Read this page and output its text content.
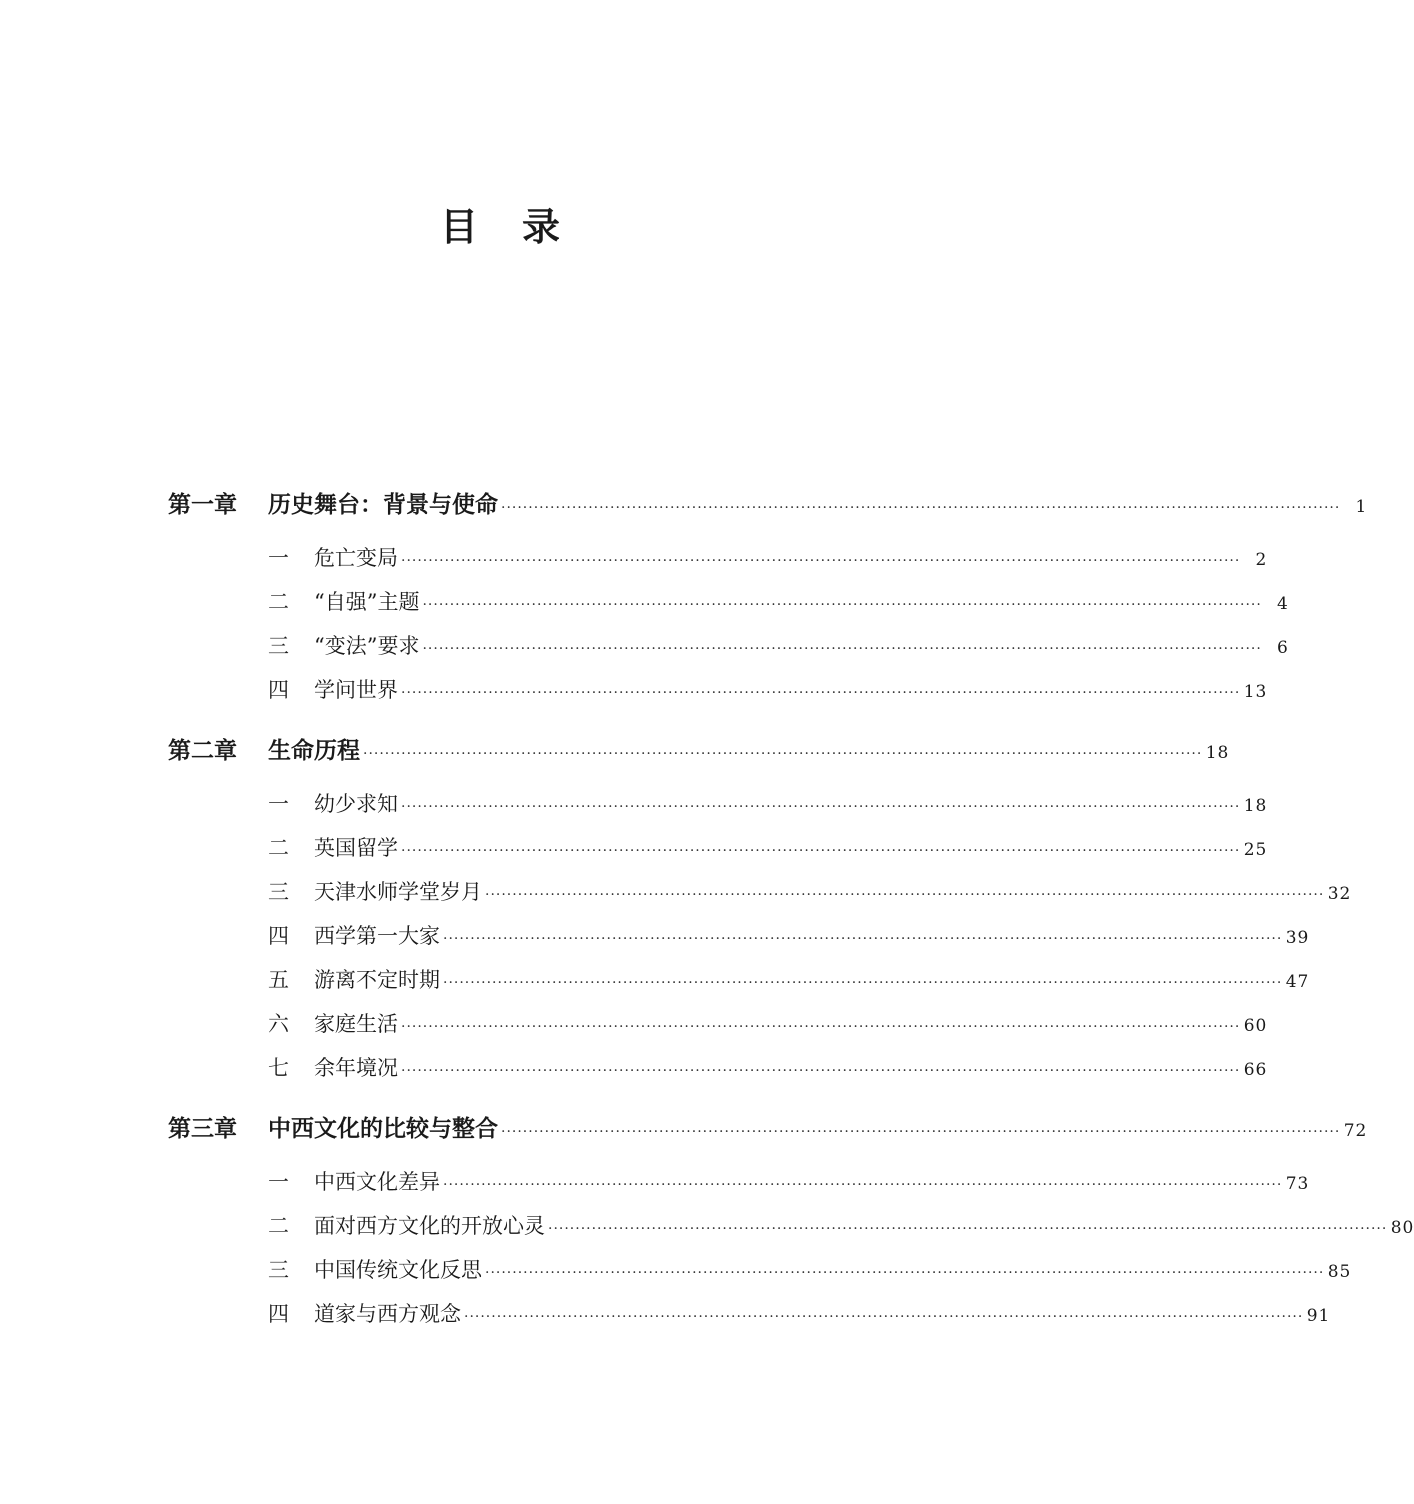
目 录
第一章	历史舞台：背景与使命 ·························································································································································· 1
一	危亡变局 ·························································································································································· 2
二	“自强”主题 ·························································································································································· 4
三	“变法”要求 ·························································································································································· 6
四	学问世界 ·························································································································································· 13
第二章	生命历程 ·························································································································································· 18
一	幼少求知 ·························································································································································· 18
二	英国留学 ·························································································································································· 25
三	天津水师学堂岁月 ·························································································································································· 32
四	西学第一大家 ·························································································································································· 39
五	游离不定时期 ·························································································································································· 47
六	家庭生活 ·························································································································································· 60
七	余年境况 ·························································································································································· 66
第三章	中西文化的比较与整合 ·························································································································································· 72
一	中西文化差异 ·························································································································································· 73
二	面对西方文化的开放心灵 ·························································································································································· 80
三	中国传统文化反思 ·························································································································································· 85
四	道家与西方观念 ·························································································································································· 91
